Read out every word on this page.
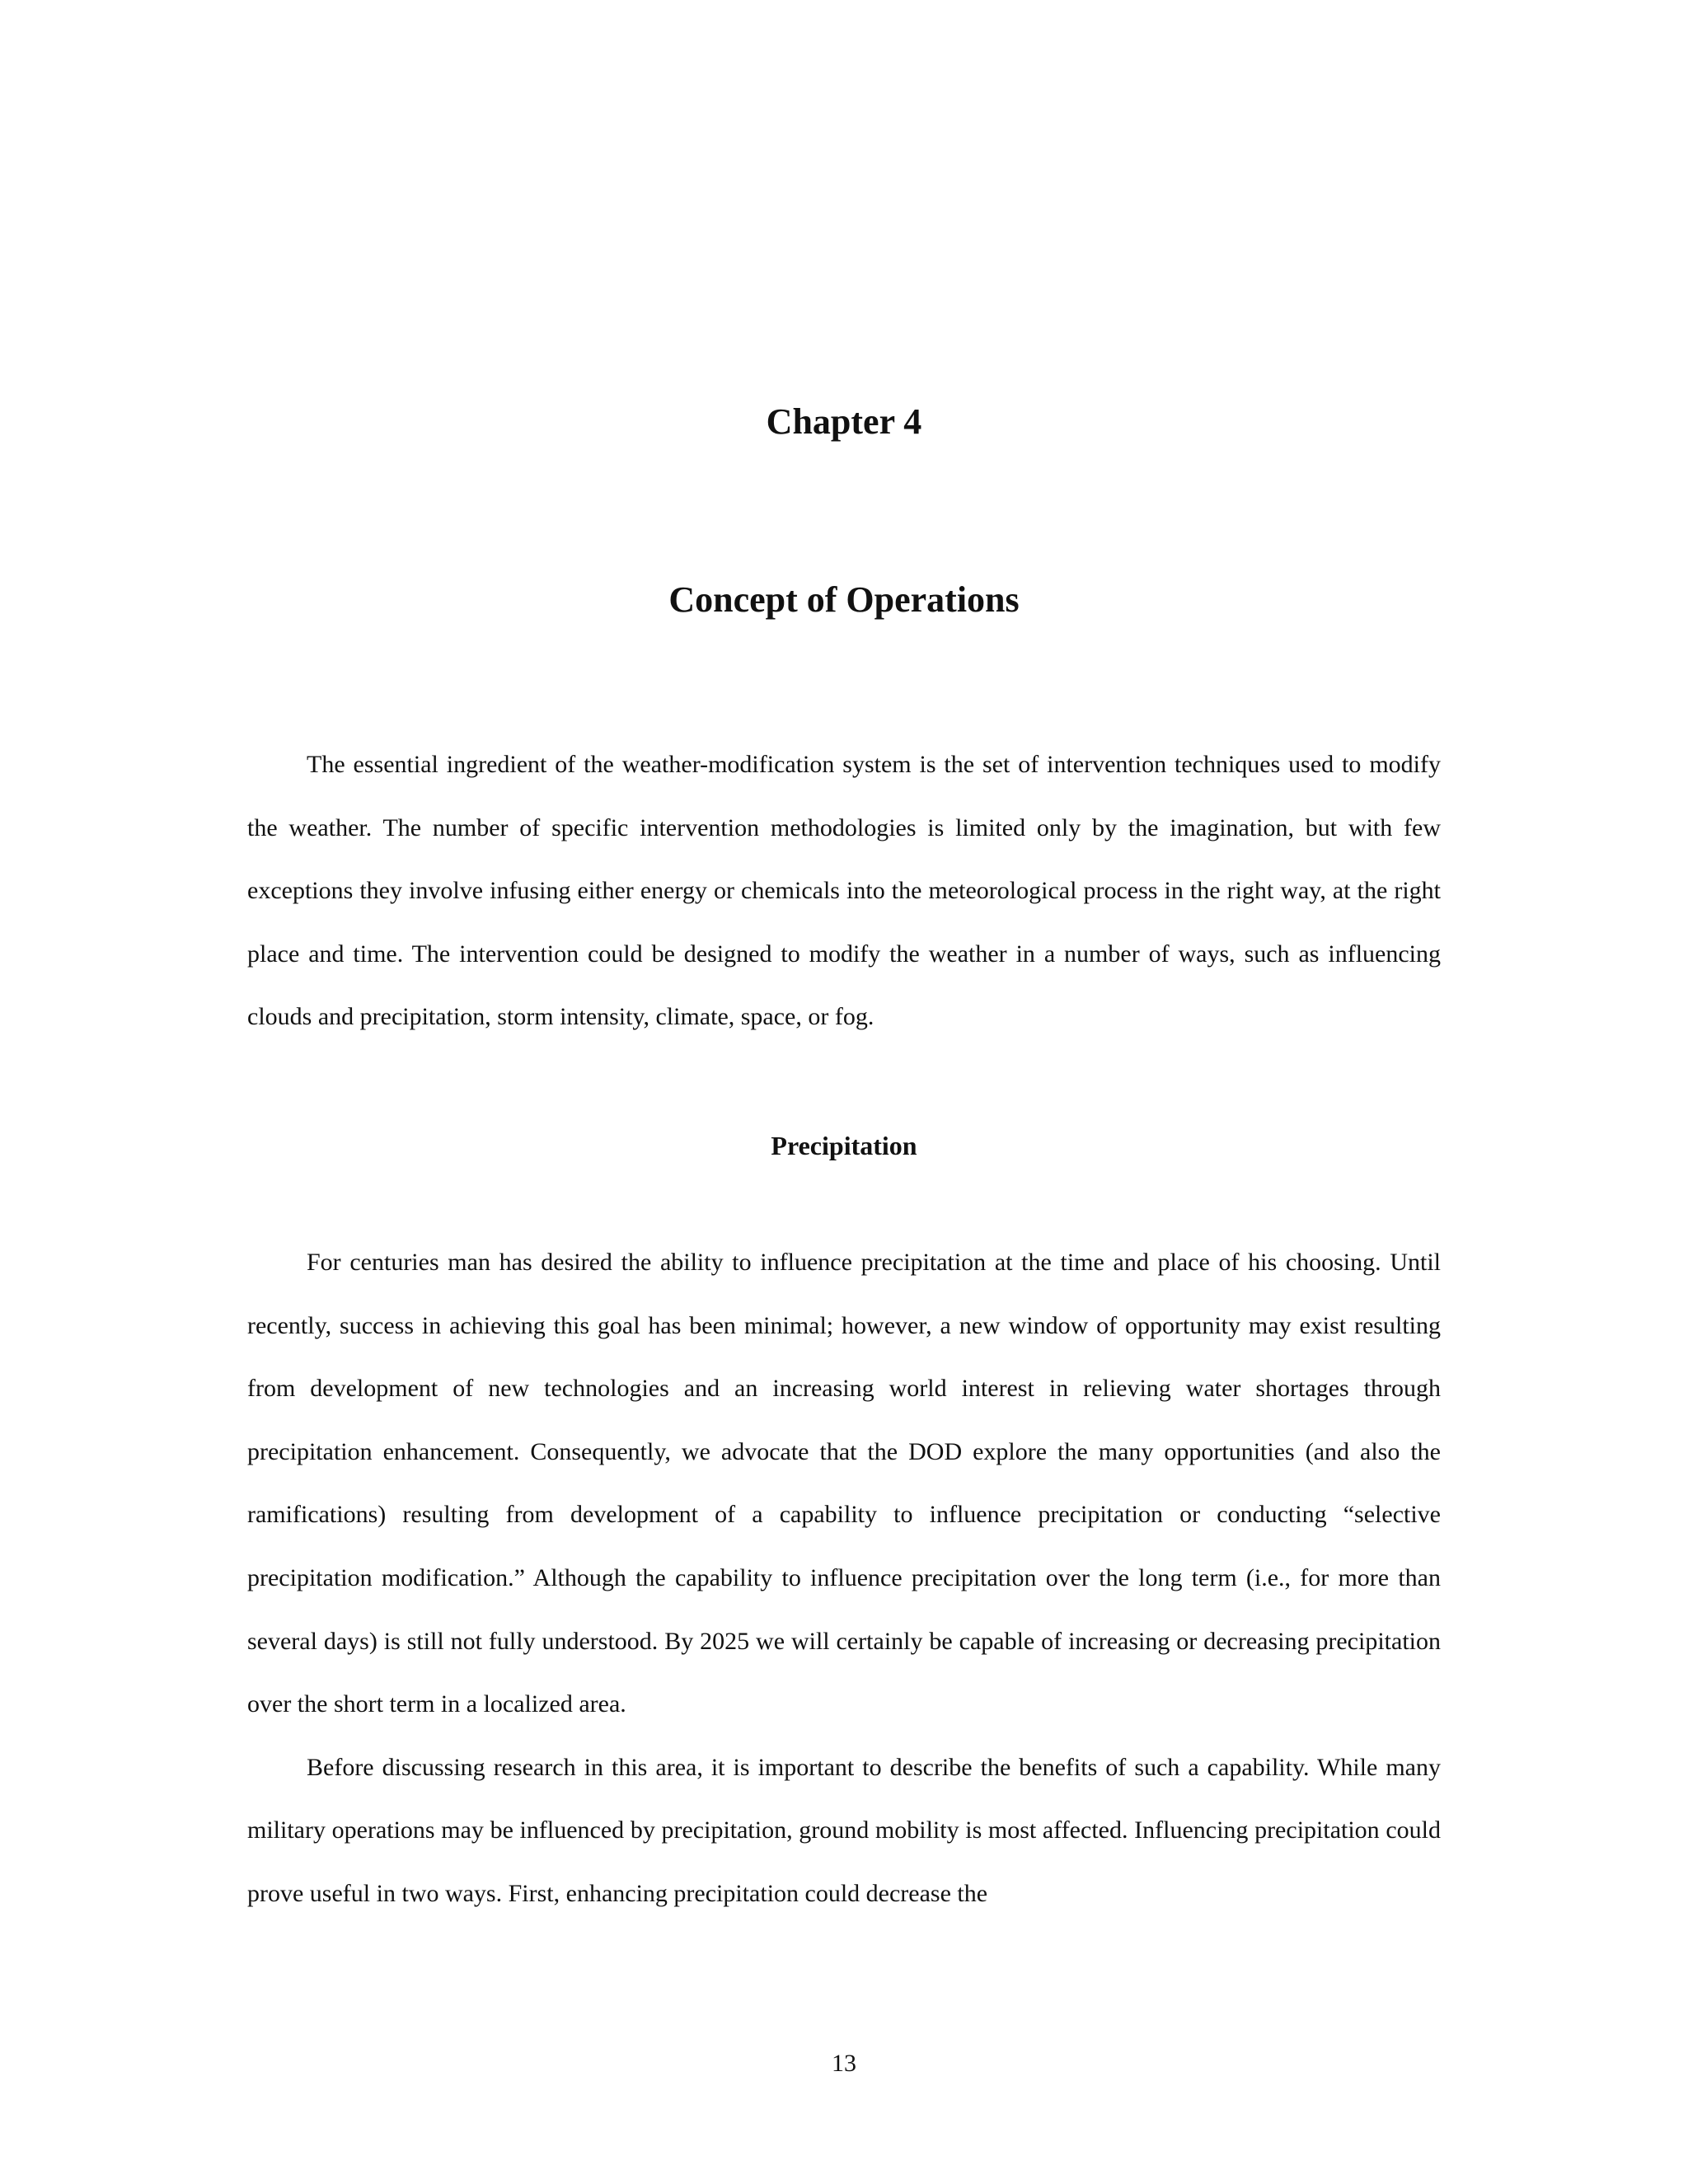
Chapter 4
Concept of Operations

The essential ingredient of the weather-modification system is the set of intervention techniques used to modify the weather. The number of specific intervention methodologies is limited only by the imagination, but with few exceptions they involve infusing either energy or chemicals into the meteorological process in the right way, at the right place and time. The intervention could be designed to modify the weather in a number of ways, such as influencing clouds and precipitation, storm intensity, climate, space, or fog.

Precipitation

For centuries man has desired the ability to influence precipitation at the time and place of his choosing. Until recently, success in achieving this goal has been minimal; however, a new window of opportunity may exist resulting from development of new technologies and an increasing world interest in relieving water shortages through precipitation enhancement. Consequently, we advocate that the DOD explore the many opportunities (and also the ramifications) resulting from development of a capability to influence precipitation or conducting “selective precipitation modification.” Although the capability to influence precipitation over the long term (i.e., for more than several days) is still not fully understood. By 2025 we will certainly be capable of increasing or decreasing precipitation over the short term in a localized area.

Before discussing research in this area, it is important to describe the benefits of such a capability. While many military operations may be influenced by precipitation, ground mobility is most affected. Influencing precipitation could prove useful in two ways. First, enhancing precipitation could decrease the

13
